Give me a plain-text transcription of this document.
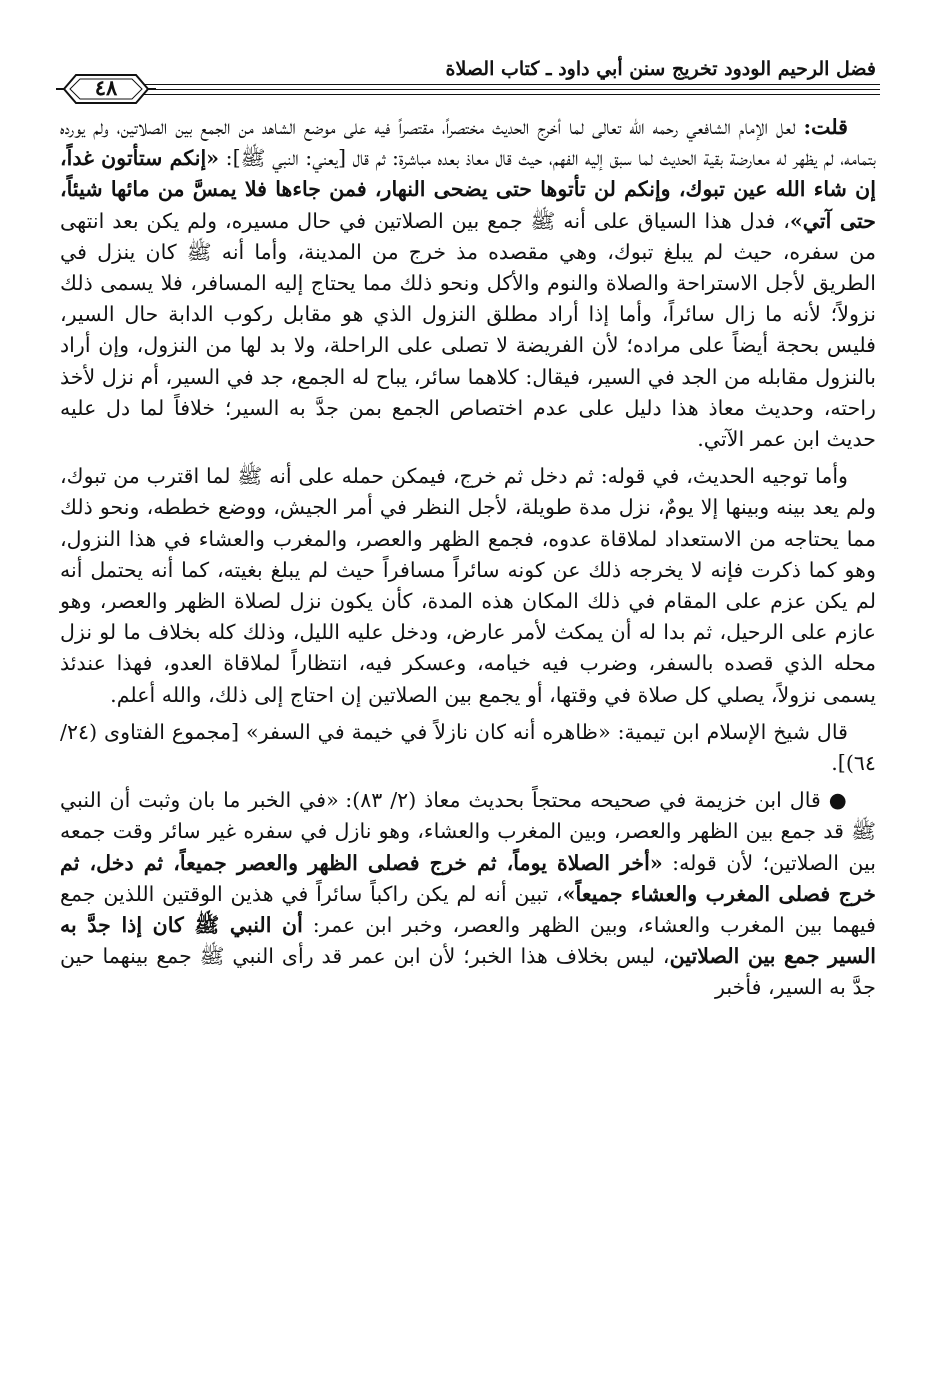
فضل الرحيم الودود تخريج سنن أبي داود ـ كتاب الصلاة
٤٨

قلت: لعل الإمام الشافعي رحمه الله تعالى لما أخرج الحديث مختصراً، مقتصراً فيه على موضع الشاهد من الجمع بين الصلاتين، ولم يورده بتمامه، لم يظهر له معارضة بقية الحديث لما سبق إليه الفهم، حيث قال معاذ بعده مباشرة: ثم قال [يعني: النبي ﷺ]: «إنكم ستأتون غداً، إن شاء الله عين تبوك، وإنكم لن تأتوها حتى يضحى النهار، فمن جاءها فلا يمسَّ من مائها شيئاً، حتى آتي»، فدل هذا السياق على أنه ﷺ جمع بين الصلاتين في حال مسيره، ولم يكن بعد انتهى من سفره، حيث لم يبلغ تبوك، وهي مقصده مذ خرج من المدينة، وأما أنه ﷺ كان ينزل في الطريق لأجل الاستراحة والصلاة والنوم والأكل ونحو ذلك مما يحتاج إليه المسافر، فلا يسمى ذلك نزولاً؛ لأنه ما زال سائراً، وأما إذا أراد مطلق النزول الذي هو مقابل ركوب الدابة حال السير، فليس بحجة أيضاً على مراده؛ لأن الفريضة لا تصلى على الراحلة، ولا بد لها من النزول، وإن أراد بالنزول مقابله من الجد في السير، فيقال: كلاهما سائر، يباح له الجمع، جد في السير، أم نزل لأخذ راحته، وحديث معاذ هذا دليل على عدم اختصاص الجمع بمن جدَّ به السير؛ خلافاً لما دل عليه حديث ابن عمر الآتي.

وأما توجيه الحديث، في قوله: ثم دخل ثم خرج، فيمكن حمله على أنه ﷺ لما اقترب من تبوك، ولم يعد بينه وبينها إلا يومٌ، نزل مدة طويلة، لأجل النظر في أمر الجيش، ووضع خططه، ونحو ذلك مما يحتاجه من الاستعداد لملاقاة عدوه، فجمع الظهر والعصر، والمغرب والعشاء في هذا النزول، وهو كما ذكرت فإنه لا يخرجه ذلك عن كونه سائراً مسافراً حيث لم يبلغ بغيته، كما أنه يحتمل أنه لم يكن عزم على المقام في ذلك المكان هذه المدة، كأن يكون نزل لصلاة الظهر والعصر، وهو عازم على الرحيل، ثم بدا له أن يمكث لأمر عارض، ودخل عليه الليل، وذلك كله بخلاف ما لو نزل محله الذي قصده بالسفر، وضرب فيه خيامه، وعسكر فيه، انتظاراً لملاقاة العدو، فهذا عندئذ يسمى نزولاً، يصلي كل صلاة في وقتها، أو يجمع بين الصلاتين إن احتاج إلى ذلك، والله أعلم.

قال شيخ الإسلام ابن تيمية: «ظاهره أنه كان نازلاً في خيمة في السفر» [مجموع الفتاوى (٢٤/ ٦٤)].

● قال ابن خزيمة في صحيحه محتجاً بحديث معاذ (٢/ ٨٣): «في الخبر ما بان وثبت أن النبي ﷺ قد جمع بين الظهر والعصر، وبين المغرب والعشاء، وهو نازل في سفره غير سائر وقت جمعه بين الصلاتين؛ لأن قوله: «أخر الصلاة يوماً، ثم خرج فصلى الظهر والعصر جميعاً، ثم دخل، ثم خرج فصلى المغرب والعشاء جميعاً»، تبين أنه لم يكن راكباً سائراً في هذين الوقتين اللذين جمع فيهما بين المغرب والعشاء، وبين الظهر والعصر، وخبر ابن عمر: أن النبي ﷺ كان إذا جدَّ به السير جمع بين الصلاتين، ليس بخلاف هذا الخبر؛ لأن ابن عمر قد رأى النبي ﷺ جمع بينهما حين جدَّ به السير، فأخبر
